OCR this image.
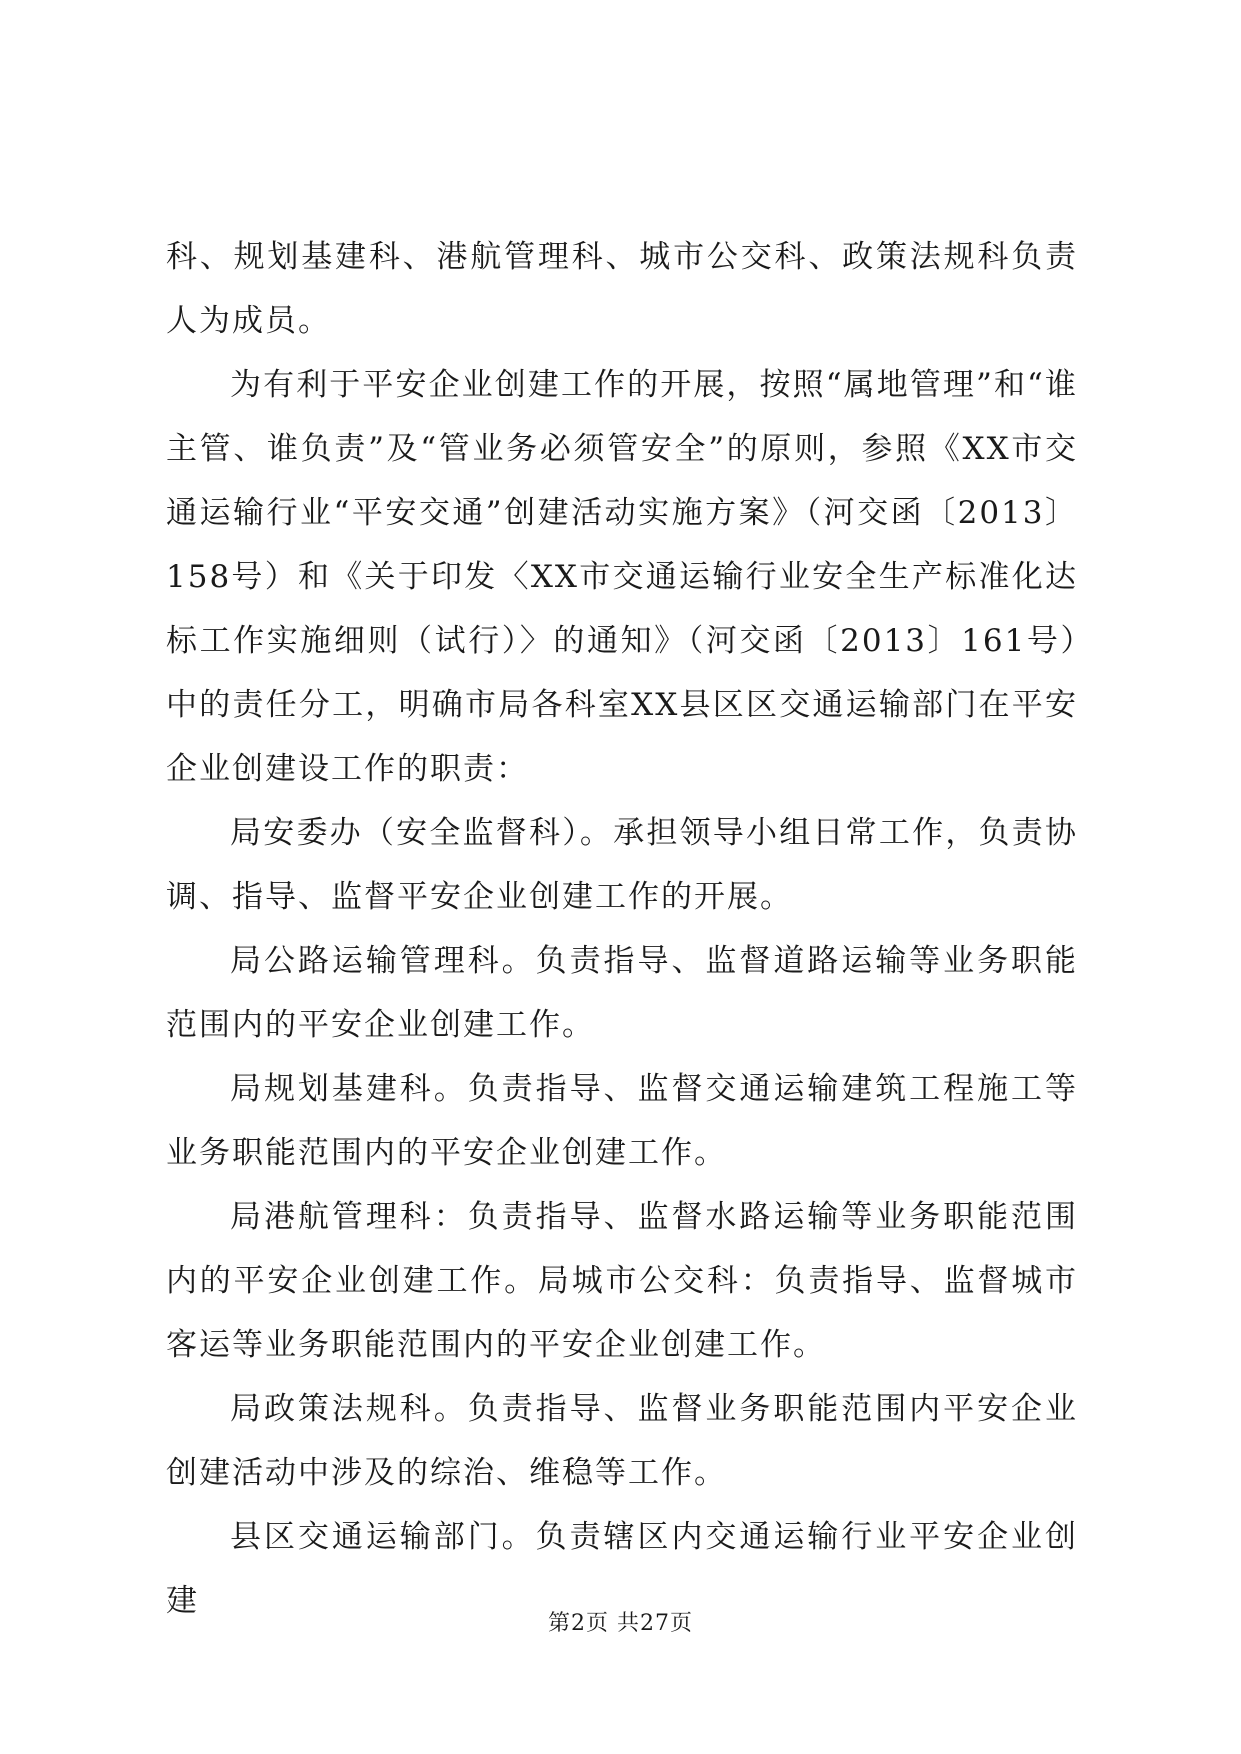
科、规划基建科、港航管理科、城市公交科、政策法规科负责人为成员。

为有利于平安企业创建工作的开展，按照“属地管理”和“谁主管、谁负责”及“管业务必须管安全”的原则，参照《XX市交通运输行业“平安交通”创建活动实施方案》（河交函〔2013〕158号）和《关于印发〈XX市交通运输行业安全生产标准化达标工作实施细则（试行）〉的通知》（河交函〔2013〕161号）中的责任分工，明确市局各科室XX县区区交通运输部门在平安企业创建设工作的职责：

局安委办（安全监督科）。承担领导小组日常工作，负责协调、指导、监督平安企业创建工作的开展。

局公路运输管理科。负责指导、监督道路运输等业务职能范围内的平安企业创建工作。

局规划基建科。负责指导、监督交通运输建筑工程施工等业务职能范围内的平安企业创建工作。

局港航管理科：负责指导、监督水路运输等业务职能范围内的平安企业创建工作。局城市公交科：负责指导、监督城市客运等业务职能范围内的平安企业创建工作。

局政策法规科。负责指导、监督业务职能范围内平安企业创建活动中涉及的综治、维稳等工作。

县区交通运输部门。负责辖区内交通运输行业平安企业创建

第2页 共27页
